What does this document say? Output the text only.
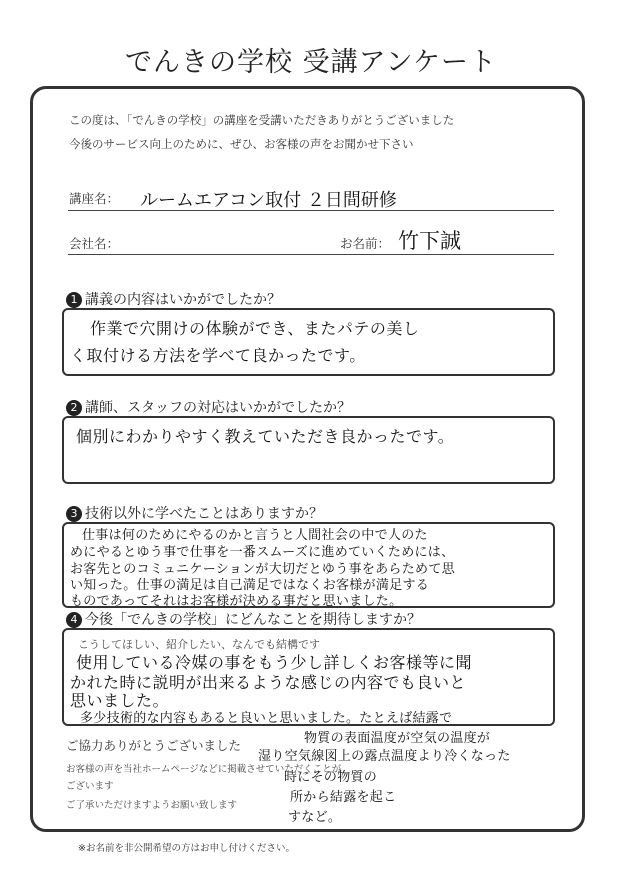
でんきの学校 受講アンケート
この度は、「でんきの学校」の講座を受講いただきありがとうございました
今後のサービス向上のために、ぜひ、お客様の声をお聞かせ下さい
講座名： ルームエアコン取付 ２日間研修
会社名：	お名前： 竹下誠
1 講義の内容はいかがでしたか？
作業で穴開けの体験ができ、またパテの美し
く取付ける方法を学べて良かったです。
2 講師、スタッフの対応はいかがでしたか？
個別にわかりやすく教えていただき良かったです。
3 技術以外に学べたことはありますか？
仕事は何のためにやるのかと言うと人間社会の中で人のた
めにやるとゆう事で仕事を一番スムーズに進めていくためには、
お客先とのコミュニケーションが大切だとゆう事をあらためて思
い知った。仕事の満足は自己満足ではなくお客様が満足する
ものであってそれはお客様が決める事だと思いました。
4 今後「でんきの学校」にどんなことを期待しますか？
こうしてほしい、紹介したい、なんでも結構です
使用している冷媒の事をもう少し詳しくお客様等に聞
かれた時に説明が出来るような感じの内容でも良いと
思いました。
多少技術的な内容もあると良いと思いました。たとえば結露で
物質の表面温度が空気の温度が
湿り空気線図上の露点温度より冷くなった
時にその物質の
所から結露を起こ
すなど。
ご協力ありがとうございました
お客様の声を当社ホームページなどに掲載させていただくことが
ございます
ご了承いただけますようお願い致します
※お名前を非公開希望の方はお申し付けください。
